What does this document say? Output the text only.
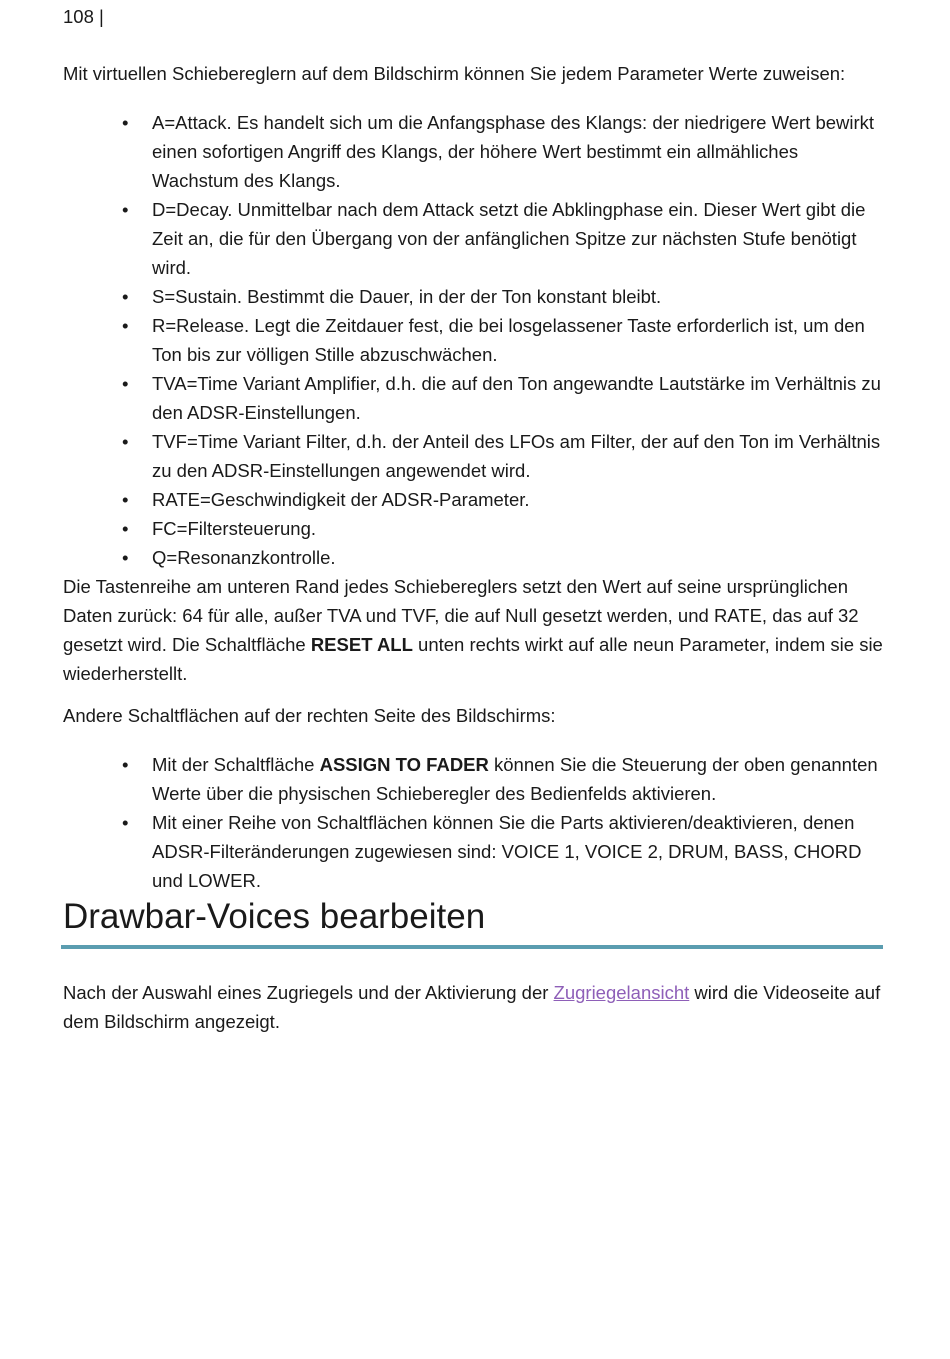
108 |

Mit virtuellen Schiebereglern auf dem Bildschirm können Sie jedem Parameter Werte zuweisen:

• A=Attack. Es handelt sich um die Anfangsphase des Klangs: der niedrigere Wert bewirkt einen sofortigen Angriff des Klangs, der höhere Wert bestimmt ein allmähliches Wachstum des Klangs.
• D=Decay. Unmittelbar nach dem Attack setzt die Abklingphase ein. Dieser Wert gibt die Zeit an, die für den Übergang von der anfänglichen Spitze zur nächsten Stufe benötigt wird.
• S=Sustain. Bestimmt die Dauer, in der der Ton konstant bleibt.
• R=Release. Legt die Zeitdauer fest, die bei losgelassener Taste erforderlich ist, um den Ton bis zur völligen Stille abzuschwächen.
• TVA=Time Variant Amplifier, d.h. die auf den Ton angewandte Lautstärke im Verhältnis zu den ADSR-Einstellungen.
• TVF=Time Variant Filter, d.h. der Anteil des LFOs am Filter, der auf den Ton im Verhältnis zu den ADSR-Einstellungen angewendet wird.
• RATE=Geschwindigkeit der ADSR-Parameter.
• FC=Filtersteuerung.
• Q=Resonanzkontrolle.

Die Tastenreihe am unteren Rand jedes Schiebereglers setzt den Wert auf seine ursprünglichen Daten zurück: 64 für alle, außer TVA und TVF, die auf Null gesetzt werden, und RATE, das auf 32 gesetzt wird. Die Schaltfläche RESET ALL unten rechts wirkt auf alle neun Parameter, indem sie sie wiederherstellt.

Andere Schaltflächen auf der rechten Seite des Bildschirms:

• Mit der Schaltfläche ASSIGN TO FADER können Sie die Steuerung der oben genannten Werte über die physischen Schieberegler des Bedienfelds aktivieren.
• Mit einer Reihe von Schaltflächen können Sie die Parts aktivieren/deaktivieren, denen ADSR-Filteränderungen zugewiesen sind: VOICE 1, VOICE 2, DRUM, BASS, CHORD und LOWER.
Drawbar-Voices bearbeiten

Nach der Auswahl eines Zugriegels und der Aktivierung der Zugriegelansicht wird die Videoseite auf dem Bildschirm angezeigt.
